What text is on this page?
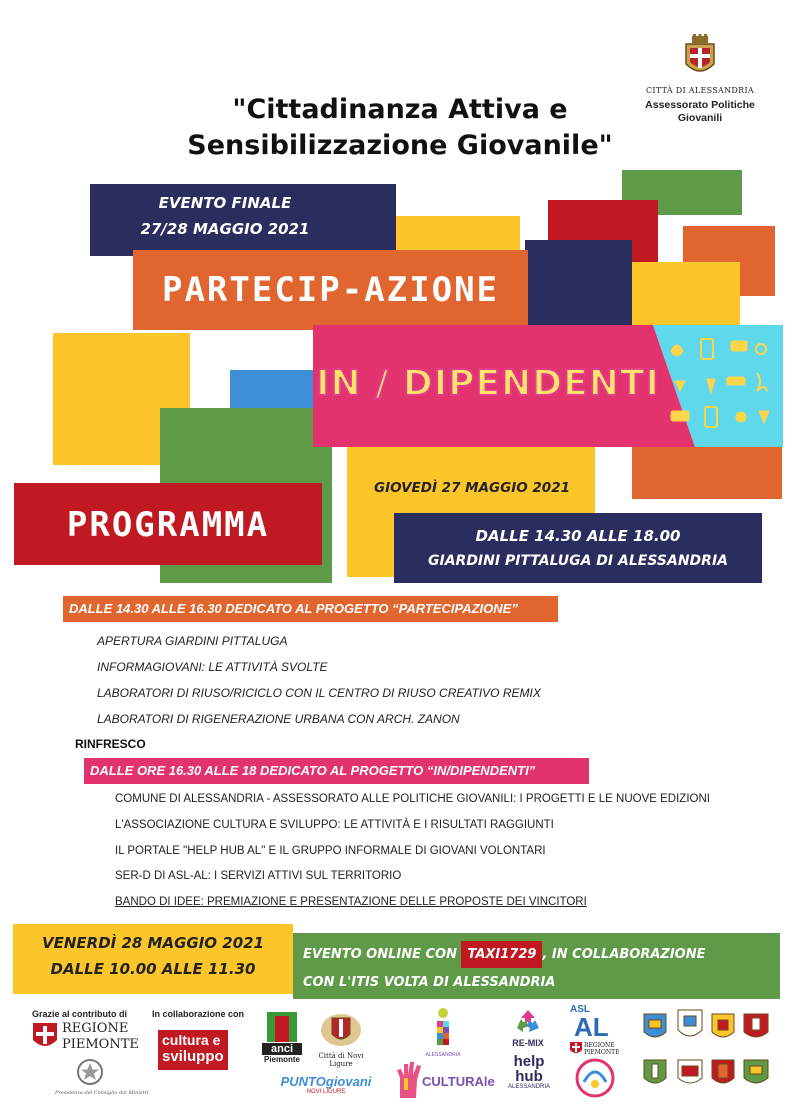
CITTÀ DI ALESSANDRIA
Assessorato Politiche
Giovanili
"Cittadinanza Attiva e
Sensibilizzazione Giovanile"
EVENTO FINALE
27/28 MAGGIO 2021
PARTECIP-AZIONE
IN / DIPENDENTI
PROGRAMMA
GIOVEDÌ 27 MAGGIO 2021
DALLE 14.30 ALLE 18.00
GIARDINI PITTALUGA DI ALESSANDRIA
DALLE 14.30 ALLE 16.30 DEDICATO AL PROGETTO “PARTECIPAZIONE”
APERTURA GIARDINI PITTALUGA
INFORMAGIOVANI: LE ATTIVITÀ SVOLTE
LABORATORI DI RIUSO/RICICLO CON IL CENTRO DI RIUSO CREATIVO REMIX
LABORATORI DI RIGENERAZIONE URBANA CON ARCH. ZANON
RINFRESCO
DALLE ORE 16.30 ALLE 18 DEDICATO AL PROGETTO “IN/DIPENDENTI”
COMUNE DI ALESSANDRIA - ASSESSORATO ALLE POLITICHE GIOVANILI: I PROGETTI E LE NUOVE EDIZIONI
L'ASSOCIAZIONE CULTURA E SVILUPPO: LE ATTIVITÀ E I RISULTATI RAGGIUNTI
IL PORTALE "HELP HUB AL" E IL GRUPPO INFORMALE DI GIOVANI VOLONTARI
SER-D DI ASL-AL: I SERVIZI ATTIVI SUL TERRITORIO
BANDO DI IDEE: PREMIAZIONE E PRESENTAZIONE DELLE PROPOSTE DEI VINCITORI
VENERDÌ 28 MAGGIO 2021
DALLE 10.00 ALLE 11.30
EVENTO ONLINE CON TAXI1729 , IN COLLABORAZIONE
CON L'ITIS VOLTA DI ALESSANDRIA
Grazie al contributo di	In collaborazione con
REGIONE
PIEMONTE
Presidenza del Consiglio dei Ministri
cultura e
sviluppo	anci
Piemonte	Città di Novi Ligure
ALESSANDRIA
RE-MIX
help
hub
ALESSANDRIA
ASL
AL
REGIONE PIEMONTE
PUNTOgiovani
NOVI LIGURE
CULTURAle
